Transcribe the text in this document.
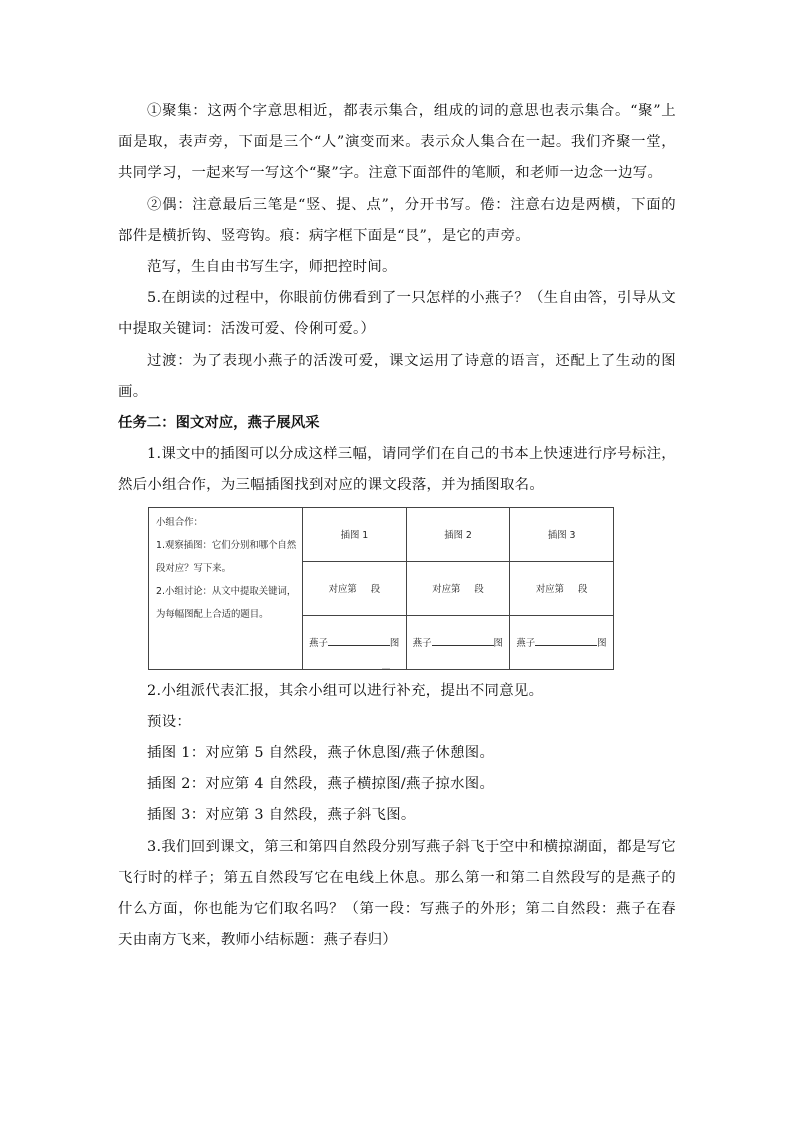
①聚集：这两个字意思相近，都表示集合，组成的词的意思也表示集合。“聚”上面是取，表声旁，下面是三个“人”演变而来。表示众人集合在一起。我们齐聚一堂，共同学习，一起来写一写这个“聚”字。注意下面部件的笔顺，和老师一边念一边写。

②偶：注意最后三笔是“竖、提、点”，分开书写。倦：注意右边是两横，下面的部件是横折钩、竖弯钩。痕：病字框下面是“艮”，是它的声旁。

范写，生自由书写生字，师把控时间。

5.在朗读的过程中，你眼前仿佛看到了一只怎样的小燕子？（生自由答，引导从文中提取关键词：活泼可爱、伶俐可爱。）

过渡：为了表现小燕子的活泼可爱，课文运用了诗意的语言，还配上了生动的图画。

任务二：图文对应，燕子展风采

1.课文中的插图可以分成这样三幅，请同学们在自己的书本上快速进行序号标注，然后小组合作，为三幅插图找到对应的课文段落，并为插图取名。

小组合作：
1.观察插图：它们分别和哪个自然段对应？写下来。
2.小组讨论：从文中提取关键词，为每幅图配上合适的题目。	插图 1	插图 2	插图 3
	对应第 段	对应第 段	对应第 段
	燕子 图	燕子 图	燕子 图

2.小组派代表汇报，其余小组可以进行补充，提出不同意见。

预设：

插图 1：对应第 5 自然段，燕子休息图/燕子休憩图。

插图 2：对应第 4 自然段，燕子横掠图/燕子掠水图。

插图 3：对应第 3 自然段，燕子斜飞图。

3.我们回到课文，第三和第四自然段分别写燕子斜飞于空中和横掠湖面，都是写它飞行时的样子；第五自然段写它在电线上休息。那么第一和第二自然段写的是燕子的什么方面，你也能为它们取名吗？（第一段：写燕子的外形；第二自然段：燕子在春天由南方飞来，教师小结标题：燕子春归）
